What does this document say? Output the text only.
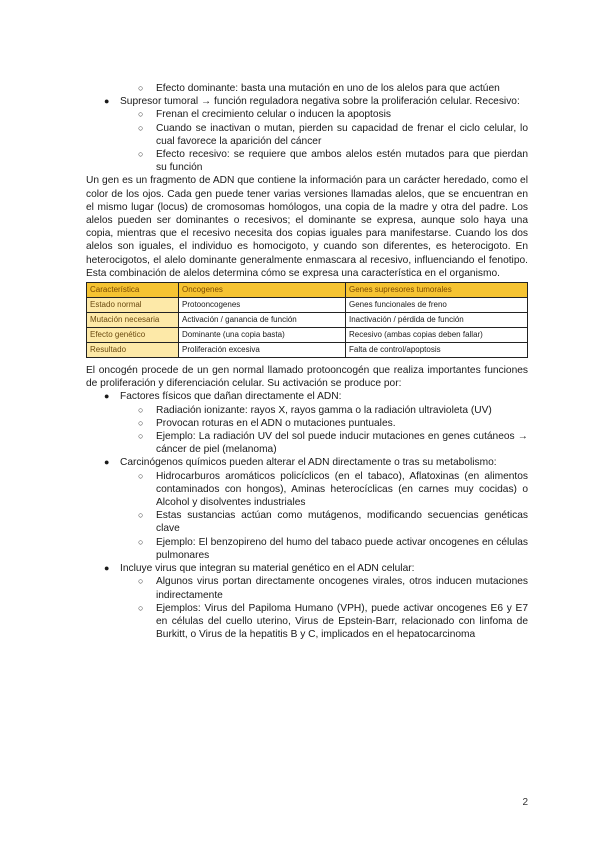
○ Efecto dominante: basta una mutación en uno de los alelos para que actúen
● Supresor tumoral → función reguladora negativa sobre la proliferación celular. Recesivo:
○ Frenan el crecimiento celular o inducen la apoptosis
○ Cuando se inactivan o mutan, pierden su capacidad de frenar el ciclo celular, lo cual favorece la aparición del cáncer
○ Efecto recesivo: se requiere que ambos alelos estén mutados para que pierdan su función

Un gen es un fragmento de ADN que contiene la información para un carácter heredado, como el color de los ojos. Cada gen puede tener varias versiones llamadas alelos, que se encuentran en el mismo lugar (locus) de cromosomas homólogos, una copia de la madre y otra del padre. Los alelos pueden ser dominantes o recesivos; el dominante se expresa, aunque solo haya una copia, mientras que el recesivo necesita dos copias iguales para manifestarse. Cuando los dos alelos son iguales, el individuo es homocigoto, y cuando son diferentes, es heterocigoto. En heterocigotos, el alelo dominante generalmente enmascara al recesivo, influenciando el fenotipo. Esta combinación de alelos determina cómo se expresa una característica en el organismo.

Característica	Oncogenes	Genes supresores tumorales
Estado normal	Protooncogenes	Genes funcionales de freno
Mutación necesaria	Activación / ganancia de función	Inactivación / pérdida de función
Efecto genético	Dominante (una copia basta)	Recesivo (ambas copias deben fallar)
Resultado	Proliferación excesiva	Falta de control/apoptosis

El oncogén procede de un gen normal llamado protooncogén que realiza importantes funciones de proliferación y diferenciación celular. Su activación se produce por:

● Factores físicos que dañan directamente el ADN:
○ Radiación ionizante: rayos X, rayos gamma o la radiación ultravioleta (UV)
○ Provocan roturas en el ADN o mutaciones puntuales.
○ Ejemplo: La radiación UV del sol puede inducir mutaciones en genes cutáneos → cáncer de piel (melanoma)
● Carcinógenos químicos pueden alterar el ADN directamente o tras su metabolismo:
○ Hidrocarburos aromáticos policíclicos (en el tabaco), Aflatoxinas (en alimentos contaminados con hongos), Aminas heterocíclicas (en carnes muy cocidas) o Alcohol y disolventes industriales
○ Estas sustancias actúan como mutágenos, modificando secuencias genéticas clave
○ Ejemplo: El benzopireno del humo del tabaco puede activar oncogenes en células pulmonares
● Incluye virus que integran su material genético en el ADN celular:
○ Algunos virus portan directamente oncogenes virales, otros inducen mutaciones indirectamente
○ Ejemplos: Virus del Papiloma Humano (VPH), puede activar oncogenes E6 y E7 en células del cuello uterino, Virus de Epstein-Barr, relacionado con linfoma de Burkitt, o Virus de la hepatitis B y C, implicados en el hepatocarcinoma
2
